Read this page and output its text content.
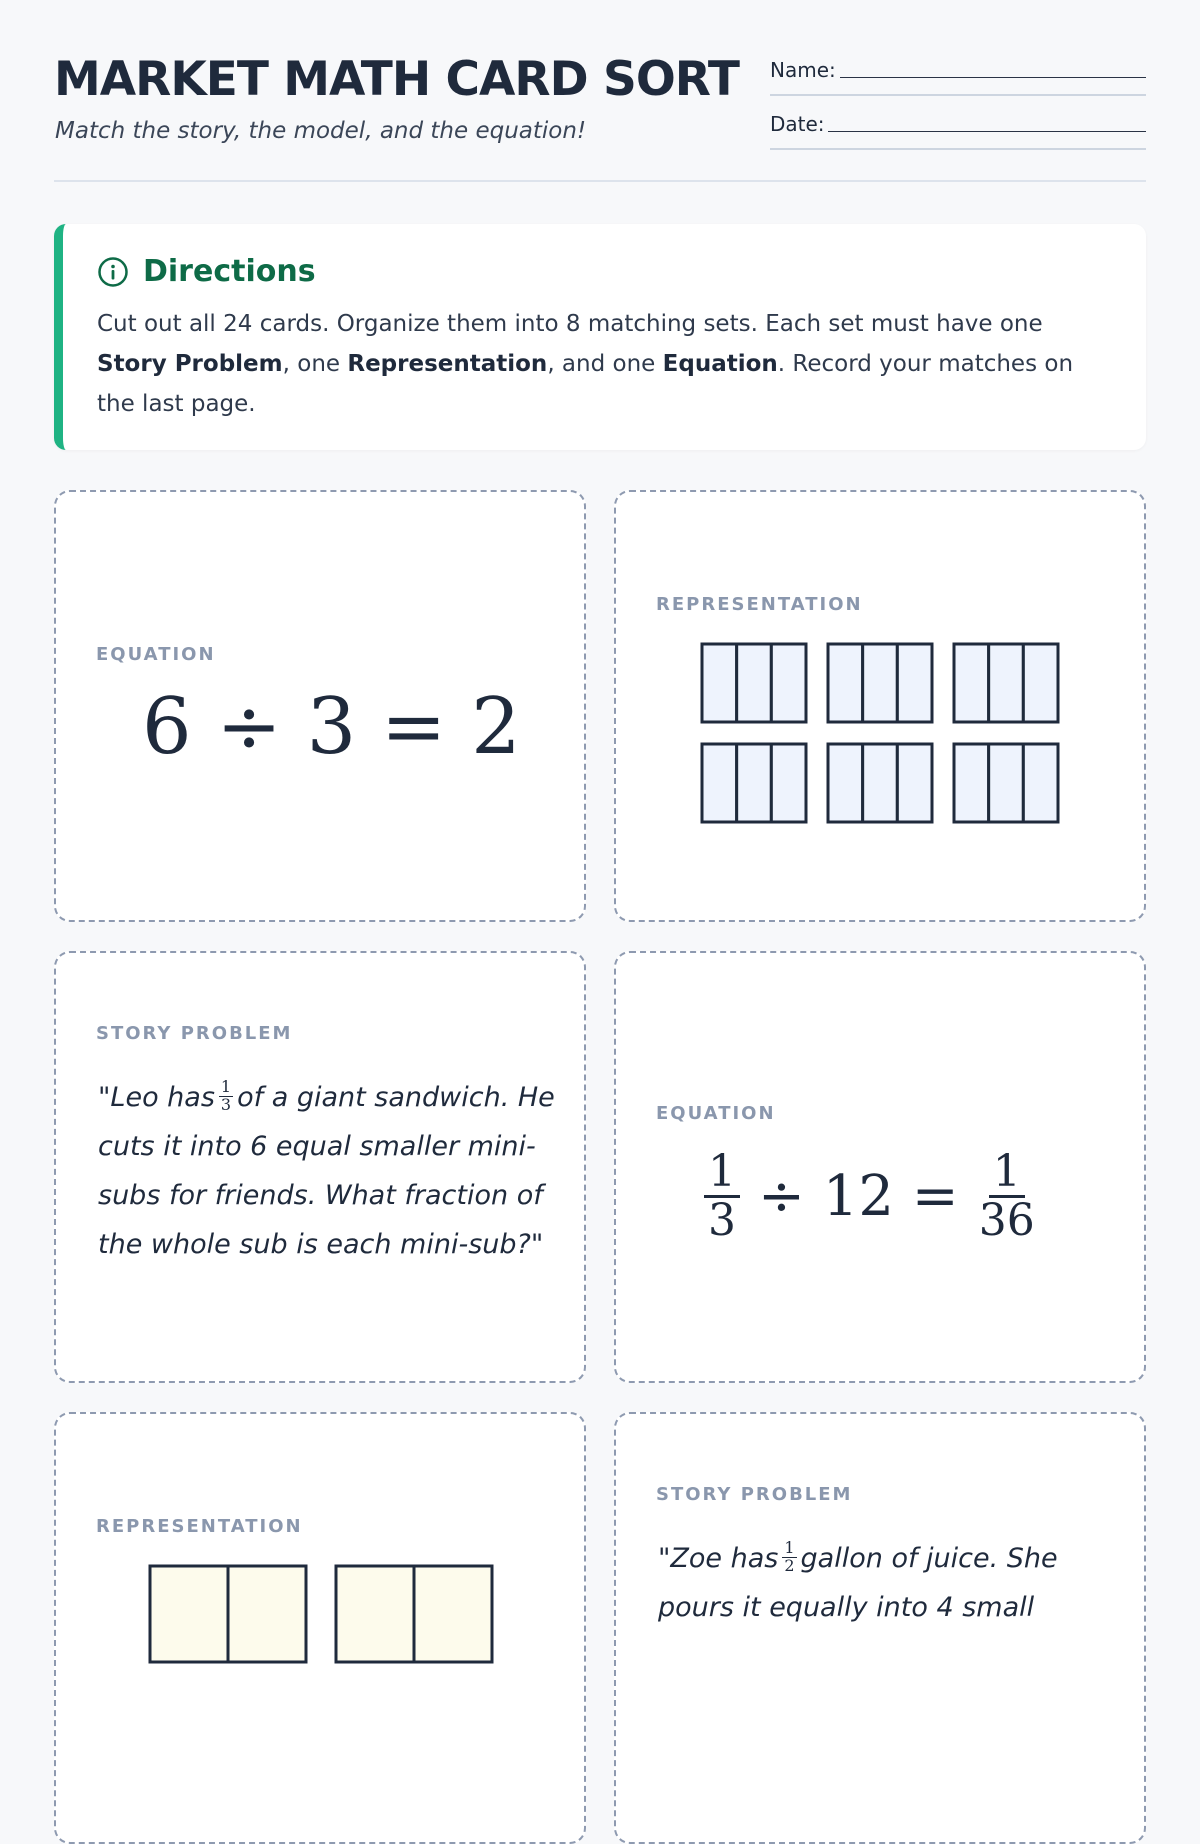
MARKET MATH CARD SORT
Match the story, the model, and the equation!
Name:
Date:
Directions
Cut out all 24 cards. Organize them into 8 matching sets. Each set must have one Story Problem, one Representation, and one Equation. Record your matches on the last page.
EQUATION
6 ÷ 3 = 2
REPRESENTATION
STORY PROBLEM
"Leo has $\frac{1}{3}$ of a giant sandwich. He cuts it into 6 equal smaller mini-subs for friends. What fraction of the whole sub is each mini-sub?"
EQUATION
$\frac{1}{3} \div 12 = \frac{1}{36}$
REPRESENTATION
STORY PROBLEM
"Zoe has $\frac{1}{2}$ gallon of juice. She pours it equally into 4 small
